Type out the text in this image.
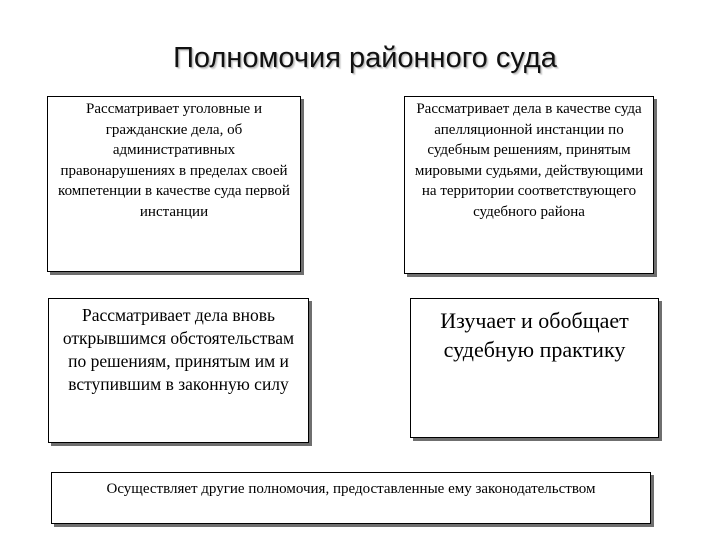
Полномочия районного суда
Рассматривает уголовные и гражданские дела, об административных правонарушениях в пределах своей компетенции в качестве суда первой инстанции
Рассматривает дела в качестве суда апелляционной инстанции по судебным решениям, принятым мировыми судьями, действующими на территории соответствующего судебного района
Рассматривает дела вновь открывшимся обстоятельствам по решениям, принятым им и вступившим в законную силу
Изучает и обобщает судебную практику
Осуществляет другие полномочия, предоставленные ему законодательством
